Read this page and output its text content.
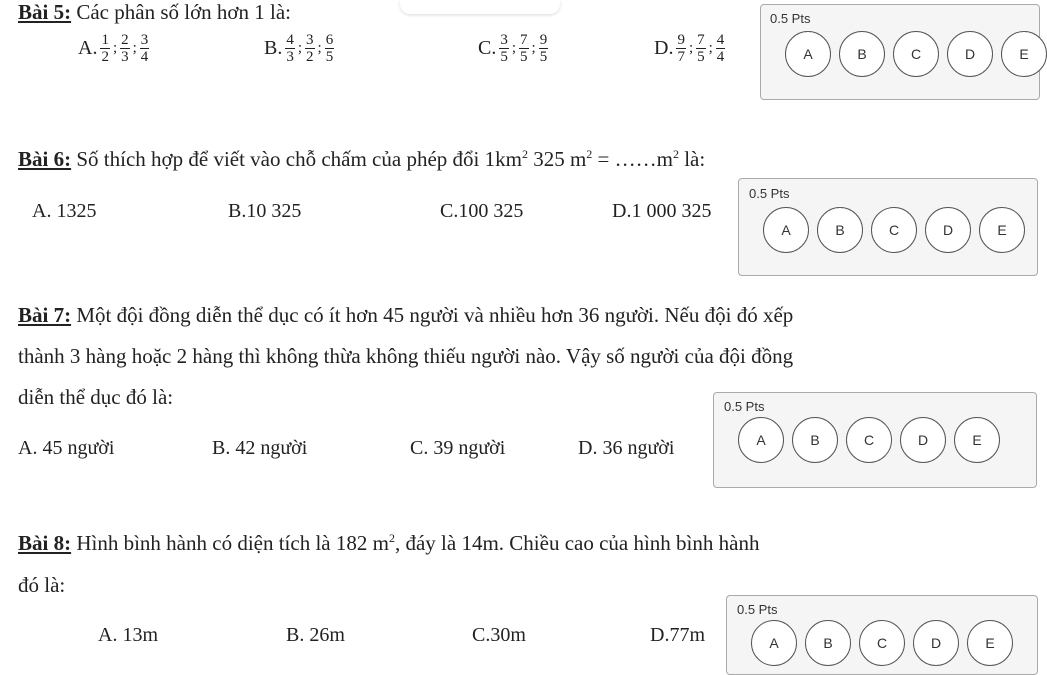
Bài 5: Các phân số lớn hơn 1 là:
A. $\frac{1}{2}$ ; $\frac{2}{3}$ ; $\frac{3}{4}$	B. $\frac{4}{3}$ ; $\frac{3}{2}$ ; $\frac{6}{5}$	C. $\frac{3}{5}$ ; $\frac{7}{5}$ ; $\frac{9}{5}$	D. $\frac{9}{7}$ ; $\frac{7}{5}$ ; $\frac{4}{4}$
0.5 Pts
A	B	C	D	E
Bài 6: Số thích hợp để viết vào chỗ chấm của phép đổi $1km^2$ 325 $m^2$ = $\dots\dots m^2$ là:
A. 1325	B.10 325	C.100 325	D.1 000 325
0.5 Pts
A	B	C	D	E
Bài 7: Một đội đồng diễn thể dục có ít hơn 45 người và nhiều hơn 36 người. Nếu đội đó xếp
thành 3 hàng hoặc 2 hàng thì không thừa không thiếu người nào. Vậy số người của đội đồng
diễn thể dục đó là:
A. 45 người	B. 42 người	C. 39 người	D. 36 người
0.5 Pts
A	B	C	D	E
Bài 8: Hình bình hành có diện tích là 182 $m^2$, đáy là 14m. Chiều cao của hình bình hành
đó là:
A. 13m	B. 26m	C.30m	D.77m
0.5 Pts
A	B	C	D	E
